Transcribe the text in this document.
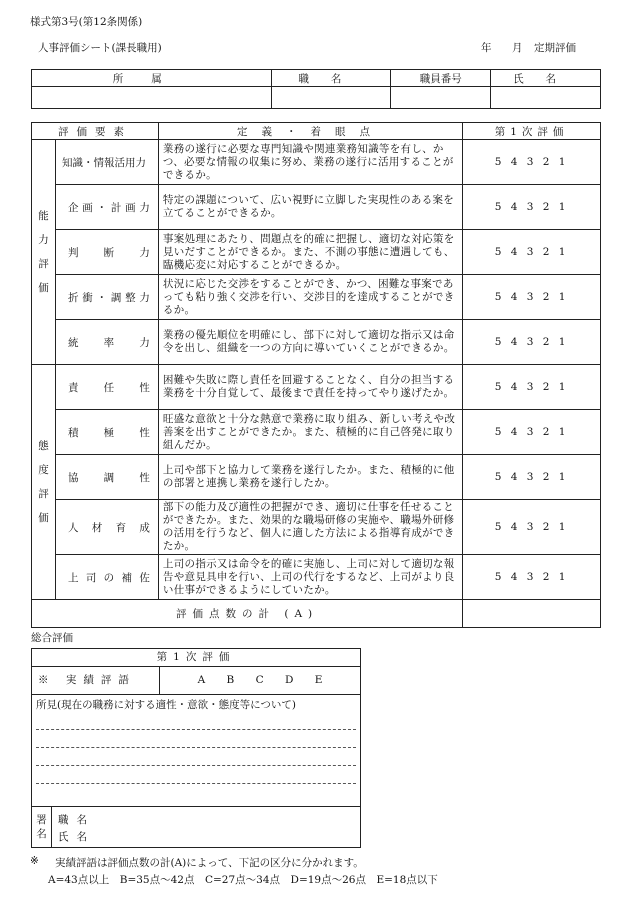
様式第3号(第12条関係)
人事評価シート(課長職用)	年 月 定期評価
所属	職名	職員番号	氏名

評価要素		定義・着眼点	第1次評価

能
力
評
価	知識・情報活用力	業務の遂行に必要な専門知識や関連業務知識等を有し、かつ、必要な情報の収集に努め、業務の遂行に活用することができるか。	5 4 3 2 1
	企画・計画力	特定の課題について、広い視野に立脚した実現性のある案を立てることができるか。	5 4 3 2 1
	判断力	事案処理にあたり、問題点を的確に把握し、適切な対応策を見いだすことができるか。また、不測の事態に遭遇しても、臨機応変に対応することができるか。	5 4 3 2 1
	折衝・調整力	状況に応じた交渉をすることができ、かつ、困難な事案であっても粘り強く交渉を行い、交渉目的を達成することができるか。	5 4 3 2 1
	統率力	業務の優先順位を明確にし、部下に対して適切な指示又は命令を出し、組織を一つの方向に導いていくことができるか。	5 4 3 2 1

態
度
評
価	責任性	困難や失敗に際し責任を回避することなく、自分の担当する業務を十分自覚して、最後まで責任を持ってやり遂げたか。	5 4 3 2 1
	積極性	旺盛な意欲と十分な熱意で業務に取り組み、新しい考えや改善案を出すことができたか。また、積極的に自己啓発に取り組んだか。	5 4 3 2 1
	協調性	上司や部下と協力して業務を遂行したか。また、積極的に他の部署と連携し業務を遂行したか。	5 4 3 2 1
	人材育成	部下の能力及び適性の把握ができ、適切に仕事を任せることができたか。また、効果的な職場研修の実施や、職場外研修の活用を行うなど、個人に適した方法による指導育成ができたか。	5 4 3 2 1
	上司の補佐	上司の指示又は命令を的確に実施し、上司に対して適切な報告や意見具申を行い、上司の代行をするなど、上司がより良い仕事ができるようにしていたか。	5 4 3 2 1
評価点数の計 (A)			
総合評価
第1次評価
※ 実績評語	A B C D E
所見(現在の職務に対する適性・意欲・態度等について)
署名
職名
氏名
※ 実績評語は評価点数の計(A)によって、下記の区分に分かれます。
A=43点以上　B=35点～42点　C=27点～34点　D=19点～26点　E=18点以下
